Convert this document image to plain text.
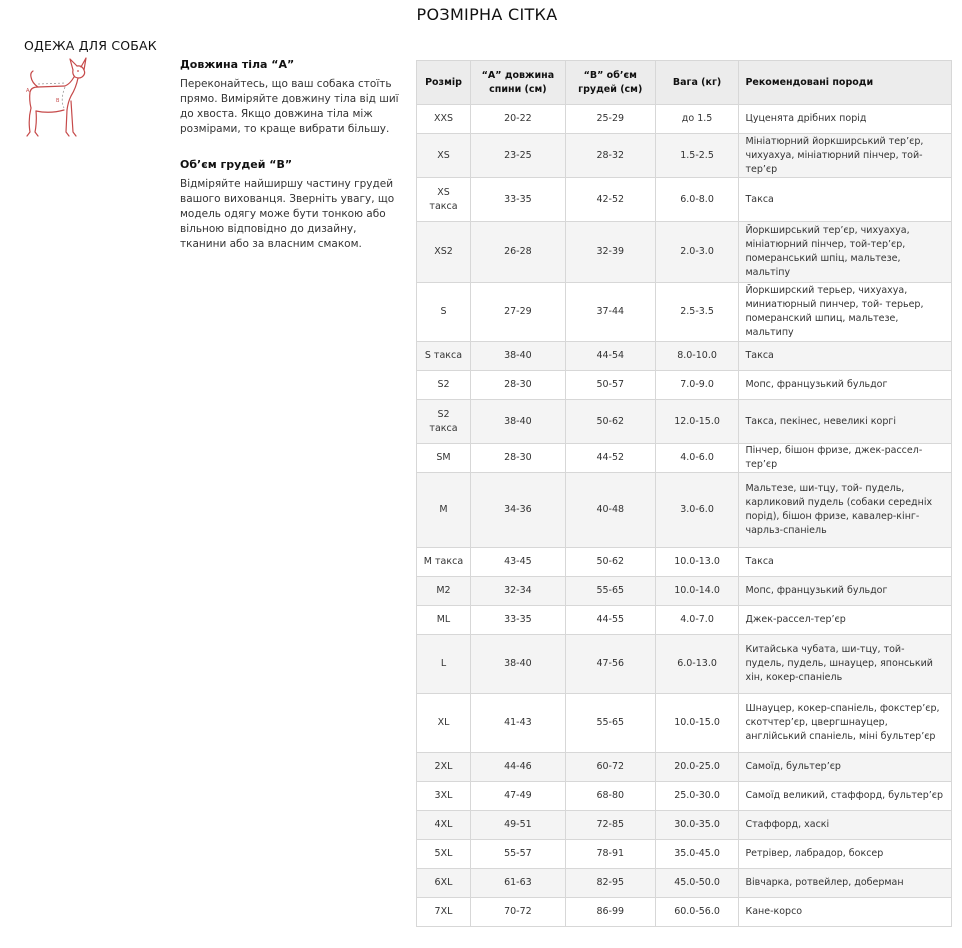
РОЗМІРНА СІТКА
ОДЕЖА ДЛЯ СОБАК
A
B
Довжина тіла “А”

Переконайтесь, що ваш собака стоїть прямо. Виміряйте довжину тіла від шиї до хвоста. Якщо довжина тіла між розмірами, то краще вибрати більшу.

Об’єм грудей “В”

Відміряйте найширшу частину грудей вашого вихованця. Зверніть увагу, що модель одягу може бути тонкою або вільною відповідно до дизайну, тканини або за власним смаком.

Розмір	“А” довжина спини (см)	“В” об’єм грудей (см)	Вага (кг)	Рекомендовані породи
XXS	20-22	25-29	до 1.5	Цуценята дрібних порід
XS	23-25	28-32	1.5-2.5	Мініатюрний йоркширський тер’єр, чихуахуа, мініатюрний пінчер, той-тер’єр
XS такса	33-35	42-52	6.0-8.0	Такса
XS2	26-28	32-39	2.0-3.0	Йоркширський тер’єр, чихуахуа, мініатюрний пінчер, той-тер’єр, померанський шпіц, мальтезе, мальтіпу
S	27-29	37-44	2.5-3.5	Йоркширский терьер, чихуахуа, миниатюрный пинчер, той- терьер, померанский шпиц, мальтезе, мальтипу
S такса	38-40	44-54	8.0-10.0	Такса
S2	28-30	50-57	7.0-9.0	Мопс, французький бульдог
S2 такса	38-40	50-62	12.0-15.0	Такса, пекінес, невеликі коргі
SM	28-30	44-52	4.0-6.0	Пінчер, бішон фризе, джек-рассел-тер’єр
M	34-36	40-48	3.0-6.0	Мальтезе, ши-тцу, той- пудель, карликовий пудель (собаки середніх порід), бішон фризе, кавалер-кінг-чарльз-спаніель
M такса	43-45	50-62	10.0-13.0	Такса
M2	32-34	55-65	10.0-14.0	Мопс, французький бульдог
ML	33-35	44-55	4.0-7.0	Джек-рассел-тер’єр
L	38-40	47-56	6.0-13.0	Китайська чубата, ши-тцу, той- пудель, пудель, шнауцер, японський хін, кокер-спаніель
XL	41-43	55-65	10.0-15.0	Шнауцер, кокер-спаніель, фокстер’єр, скотчтер’єр, цвергшнауцер, англійський спаніель, міні бультер’єр
2XL	44-46	60-72	20.0-25.0	Самоїд, бультер’єр
3XL	47-49	68-80	25.0-30.0	Самоїд великий, стаффорд, бультер’єр
4XL	49-51	72-85	30.0-35.0	Стаффорд, хаскі
5XL	55-57	78-91	35.0-45.0	Ретрівер, лабрадор, боксер
6XL	61-63	82-95	45.0-50.0	Вівчарка, ротвейлер, доберман
7XL	70-72	86-99	60.0-56.0	Кане-корсо
